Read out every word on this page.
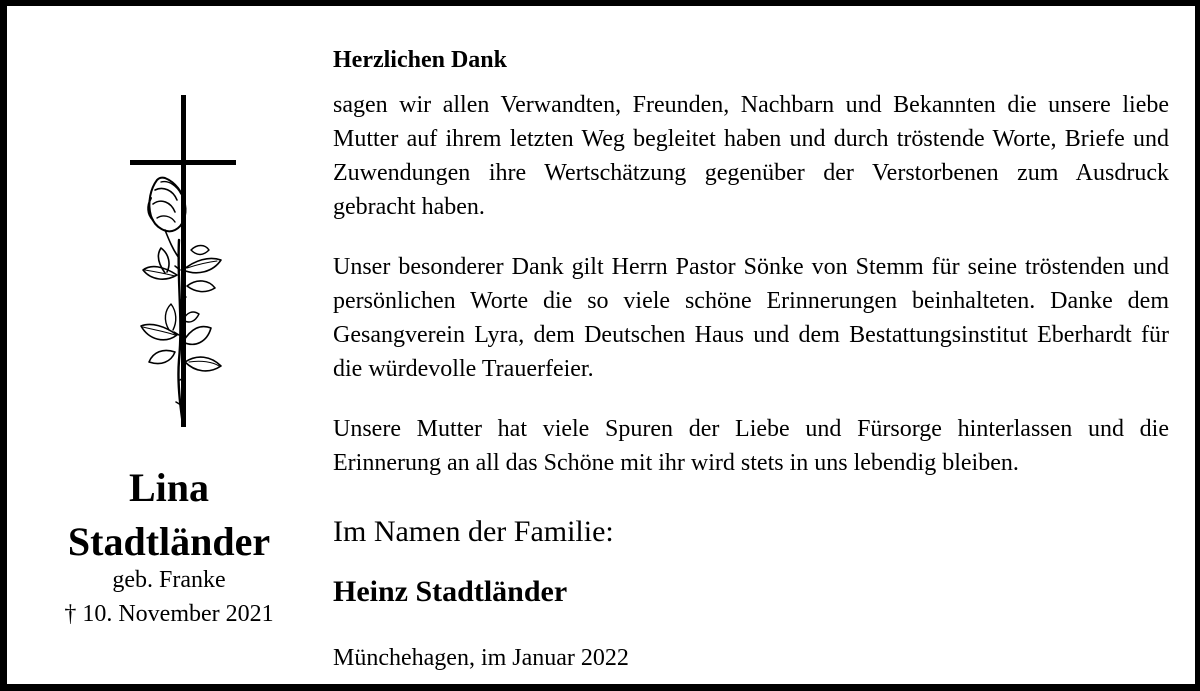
Lina
Stadtländer
geb. Franke
† 10. November 2021
Herzlichen Dank
sagen wir allen Verwandten, Freunden, Nachbarn und Bekannten die unsere liebe Mutter auf ihrem letzten Weg begleitet haben und durch tröstende Worte, Briefe und Zuwendungen ihre Wertschätzung gegenüber der Verstorbenen zum Ausdruck gebracht haben.
Unser besonderer Dank gilt Herrn Pastor Sönke von Stemm für seine tröstenden und persönlichen Worte die so viele schöne Erinnerungen beinhalteten. Danke dem Gesangverein Lyra, dem Deutschen Haus und dem Bestattungsinstitut Eberhardt für die würdevolle Trauerfeier.
Unsere Mutter hat viele Spuren der Liebe und Fürsorge hinterlassen und die Erinnerung an all das Schöne mit ihr wird stets in uns lebendig bleiben.
Im Namen der Familie:
Heinz Stadtländer
Münchehagen, im Januar 2022
